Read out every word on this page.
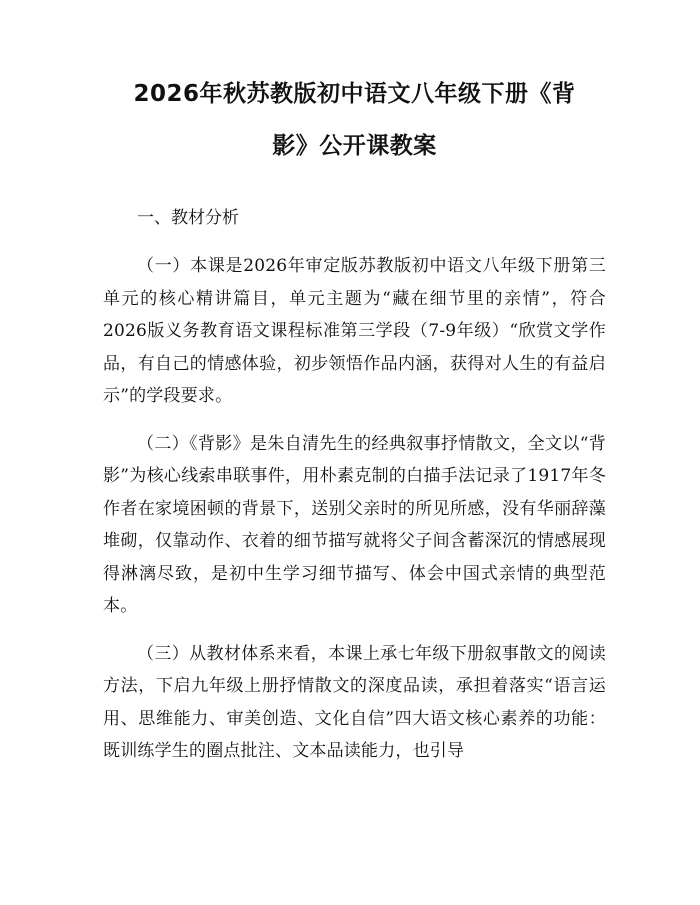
2026年秋苏教版初中语文八年级下册《背
影》公开课教案

一、教材分析

（一）本课是2026年审定版苏教版初中语文八年级下册第三单元的核心精讲篇目，单元主题为“藏在细节里的亲情”，符合2026版义务教育语文课程标准第三学段（7-9年级）“欣赏文学作品，有自己的情感体验，初步领悟作品内涵，获得对人生的有益启示”的学段要求。

（二）《背影》是朱自清先生的经典叙事抒情散文，全文以“背影”为核心线索串联事件，用朴素克制的白描手法记录了1917年冬作者在家境困顿的背景下，送别父亲时的所见所感，没有华丽辞藻堆砌，仅靠动作、衣着的细节描写就将父子间含蓄深沉的情感展现得淋漓尽致，是初中生学习细节描写、体会中国式亲情的典型范本。

（三）从教材体系来看，本课上承七年级下册叙事散文的阅读方法，下启九年级上册抒情散文的深度品读，承担着落实“语言运用、思维能力、审美创造、文化自信”四大语文核心素养的功能：既训练学生的圈点批注、文本品读能力，也引导
